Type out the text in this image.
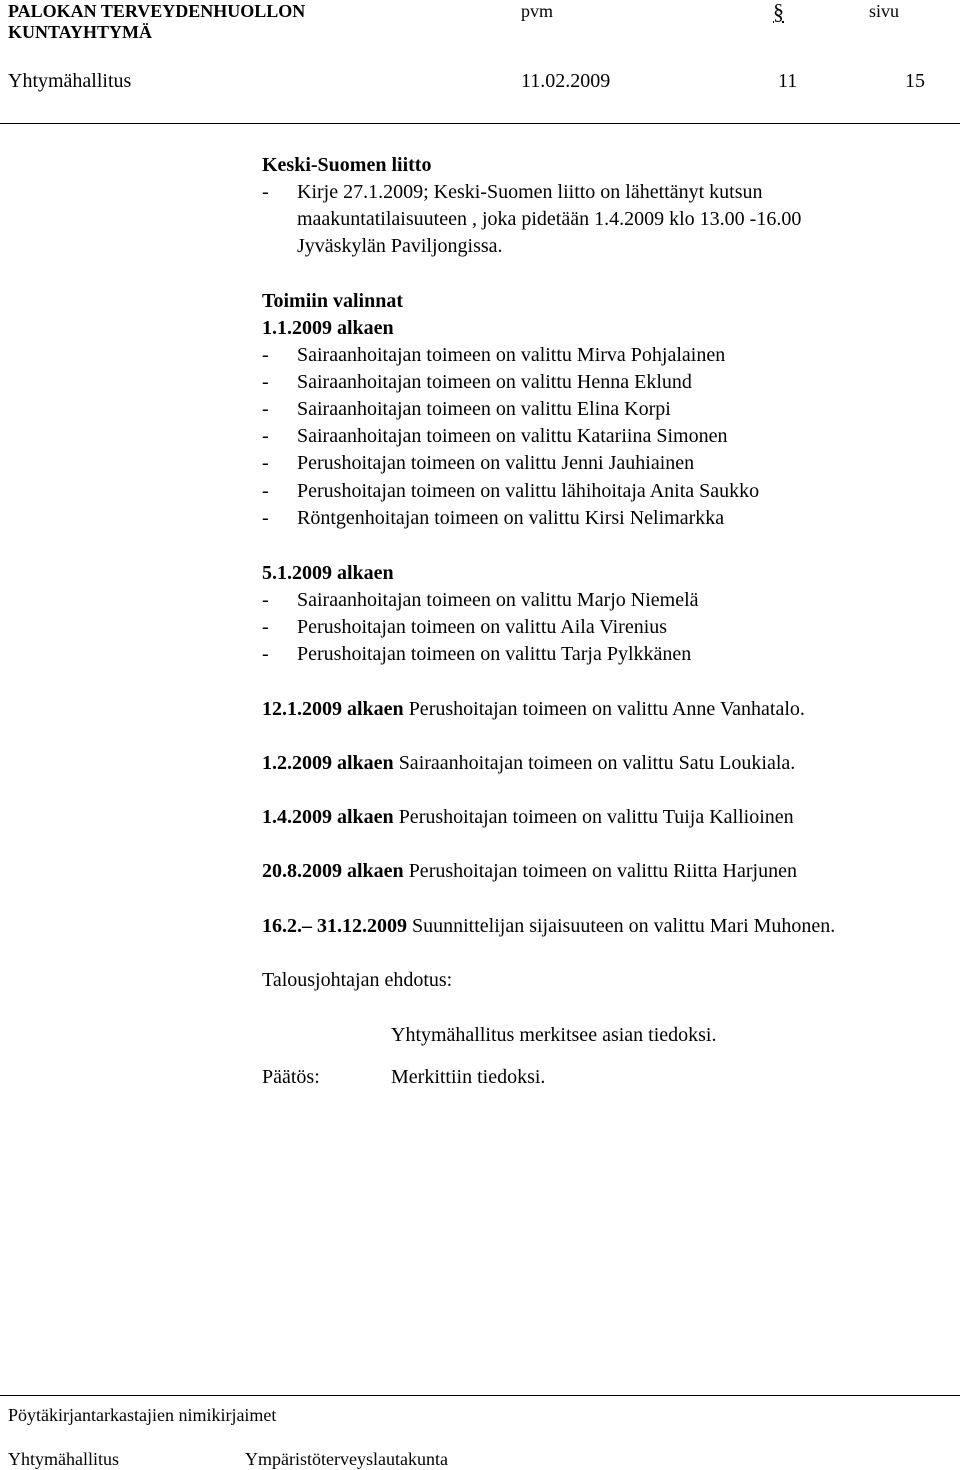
PALOKAN TERVEYDENHUOLLON
KUNTAYHTYMÄ
pvm	§	sivu
Yhtymähallitus	11.02.2009	11	15
Keski-Suomen liitto
- Kirje 27.1.2009; Keski-Suomen liitto on lähettänyt kutsun
maakuntatilaisuuteen , joka pidetään 1.4.2009 klo 13.00 -16.00
Jyväskylän Paviljongissa.
Toimiin valinnat
1.1.2009 alkaen
- Sairaanhoitajan toimeen on valittu Mirva Pohjalainen
- Sairaanhoitajan toimeen on valittu Henna Eklund
- Sairaanhoitajan toimeen on valittu Elina Korpi
- Sairaanhoitajan toimeen on valittu Katariina Simonen
- Perushoitajan toimeen on valittu Jenni Jauhiainen
- Perushoitajan toimeen on valittu lähihoitaja Anita Saukko
- Röntgenhoitajan toimeen on valittu Kirsi Nelimarkka
5.1.2009 alkaen
- Sairaanhoitajan toimeen on valittu Marjo Niemelä
- Perushoitajan toimeen on valittu Aila Virenius
- Perushoitajan toimeen on valittu Tarja Pylkkänen
12.1.2009 alkaen Perushoitajan toimeen on valittu Anne Vanhatalo.
1.2.2009 alkaen Sairaanhoitajan toimeen on valittu Satu Loukiala.
1.4.2009 alkaen Perushoitajan toimeen on valittu Tuija Kallioinen
20.8.2009 alkaen Perushoitajan toimeen on valittu Riitta Harjunen
16.2.– 31.12.2009 Suunnittelijan sijaisuuteen on valittu Mari Muhonen.
Talousjohtajan ehdotus:
Yhtymähallitus merkitsee asian tiedoksi.
Päätös:	Merkittiin tiedoksi.
Pöytäkirjantarkastajien nimikirjaimet
Yhtymähallitus	Ympäristöterveyslautakunta
